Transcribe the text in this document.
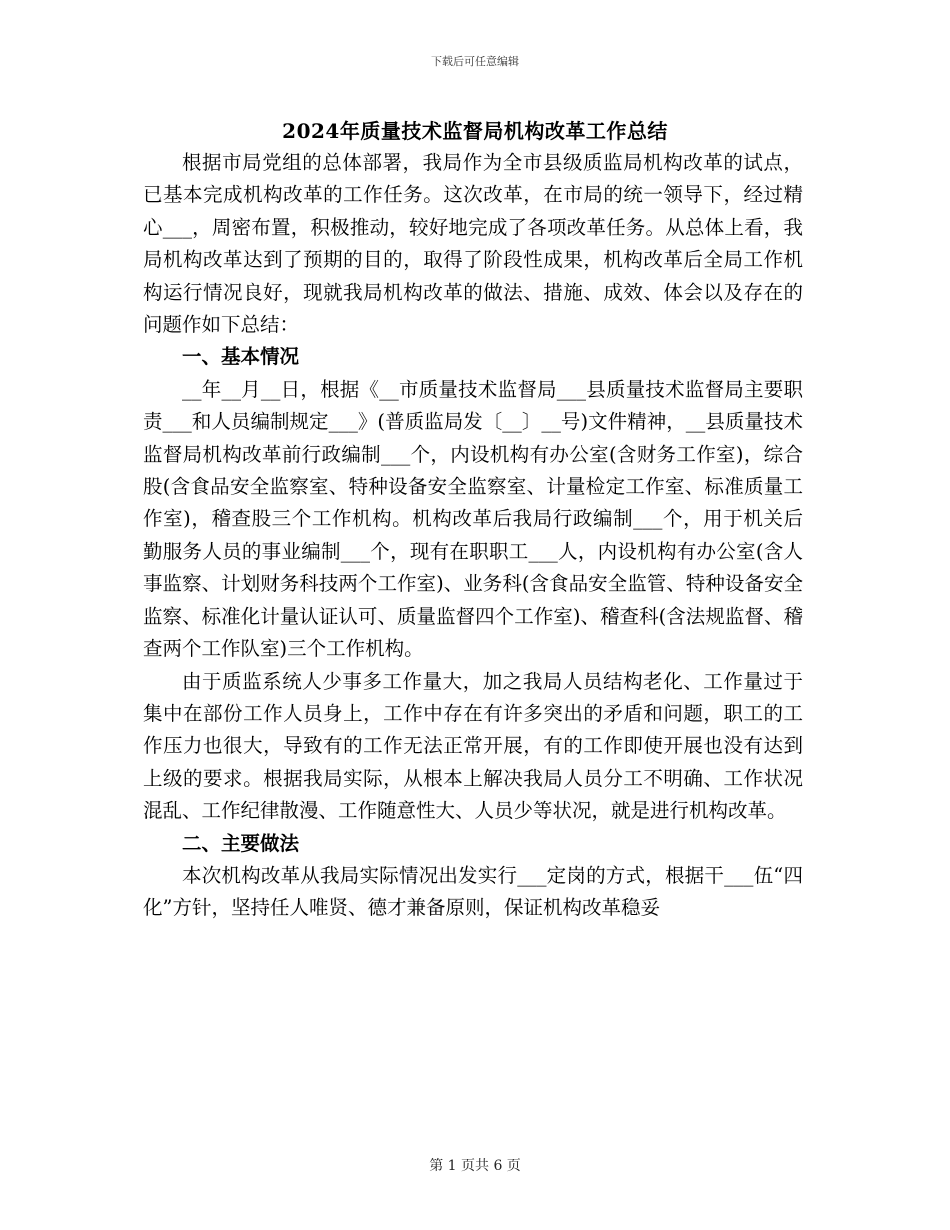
下载后可任意编辑
2024年质量技术监督局机构改革工作总结

根据市局党组的总体部署，我局作为全市县级质监局机构改革的试点，已基本完成机构改革的工作任务。这次改革，在市局的统一领导下，经过精心___，周密布置，积极推动，较好地完成了各项改革任务。从总体上看，我局机构改革达到了预期的目的，取得了阶段性成果，机构改革后全局工作机构运行情况良好，现就我局机构改革的做法、措施、成效、体会以及存在的问题作如下总结：

一、基本情况

__年__月__日，根据《__市质量技术监督局___县质量技术监督局主要职责___和人员编制规定___》(普质监局发〔__〕__号)文件精神，__县质量技术监督局机构改革前行政编制___个，内设机构有办公室(含财务工作室)，综合股(含食品安全监察室、特种设备安全监察室、计量检定工作室、标准质量工作室)，稽查股三个工作机构。机构改革后我局行政编制___个，用于机关后勤服务人员的事业编制___个，现有在职职工___人，内设机构有办公室(含人事监察、计划财务科技两个工作室)、业务科(含食品安全监管、特种设备安全监察、标准化计量认证认可、质量监督四个工作室)、稽查科(含法规监督、稽查两个工作队室)三个工作机构。

由于质监系统人少事多工作量大，加之我局人员结构老化、工作量过于集中在部份工作人员身上，工作中存在有许多突出的矛盾和问题，职工的工作压力也很大，导致有的工作无法正常开展，有的工作即使开展也没有达到上级的要求。根据我局实际，从根本上解决我局人员分工不明确、工作状况混乱、工作纪律散漫、工作随意性大、人员少等状况，就是进行机构改革。

二、主要做法

本次机构改革从我局实际情况出发实行___定岗的方式，根据干___伍“四化”方针，坚持任人唯贤、德才兼备原则，保证机构改革稳妥

第 1 页共 6 页
